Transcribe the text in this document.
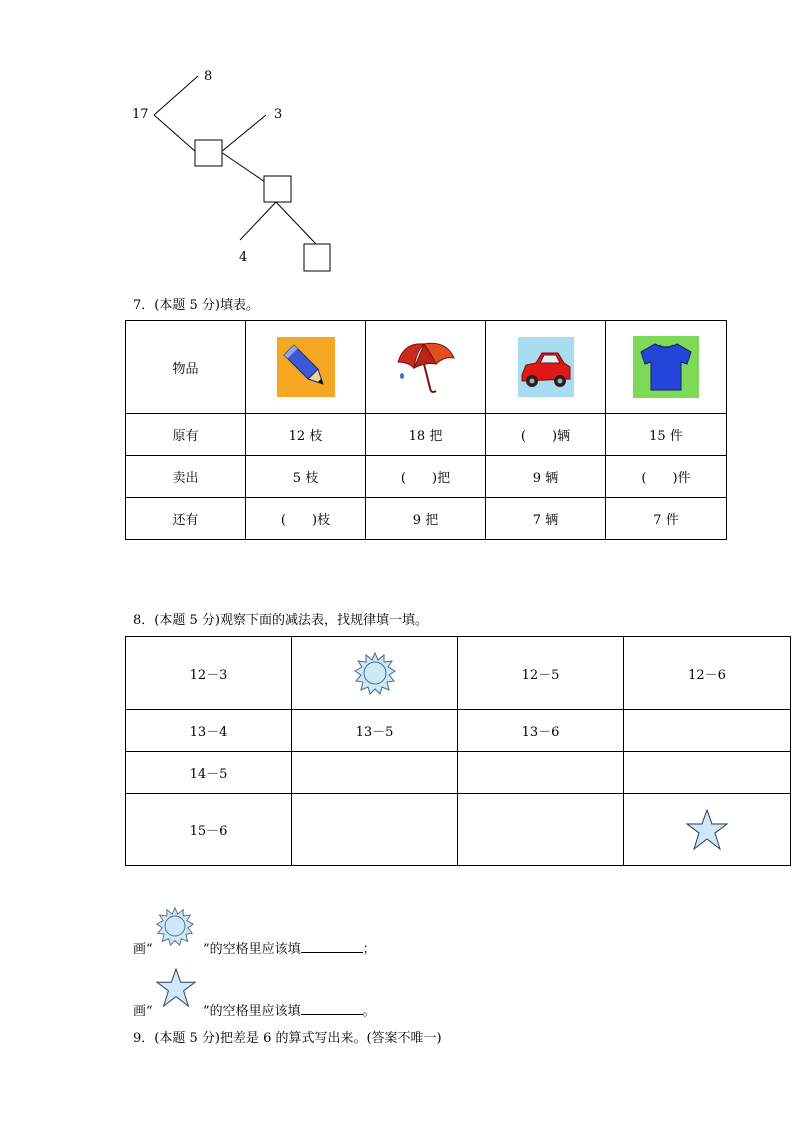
8
17	3
4
7．(本题 5 分)填表。
物品	

原有	12 枝	18 把	(　　)辆	15 件
卖出	5 枝	(　　)把	9 辆	(　　)件
还有	(　　)枝	9 把	7 辆	7 件
8．(本题 5 分)观察下面的减法表，找规律填一填。
12－3		12－5	12－6
13－4	13－5	13－6	
14－5			
15－6			
画“	”的空格里应该填	；
画“	”的空格里应该填	。
9．(本题 5 分)把差是 6 的算式写出来。(答案不唯一)
